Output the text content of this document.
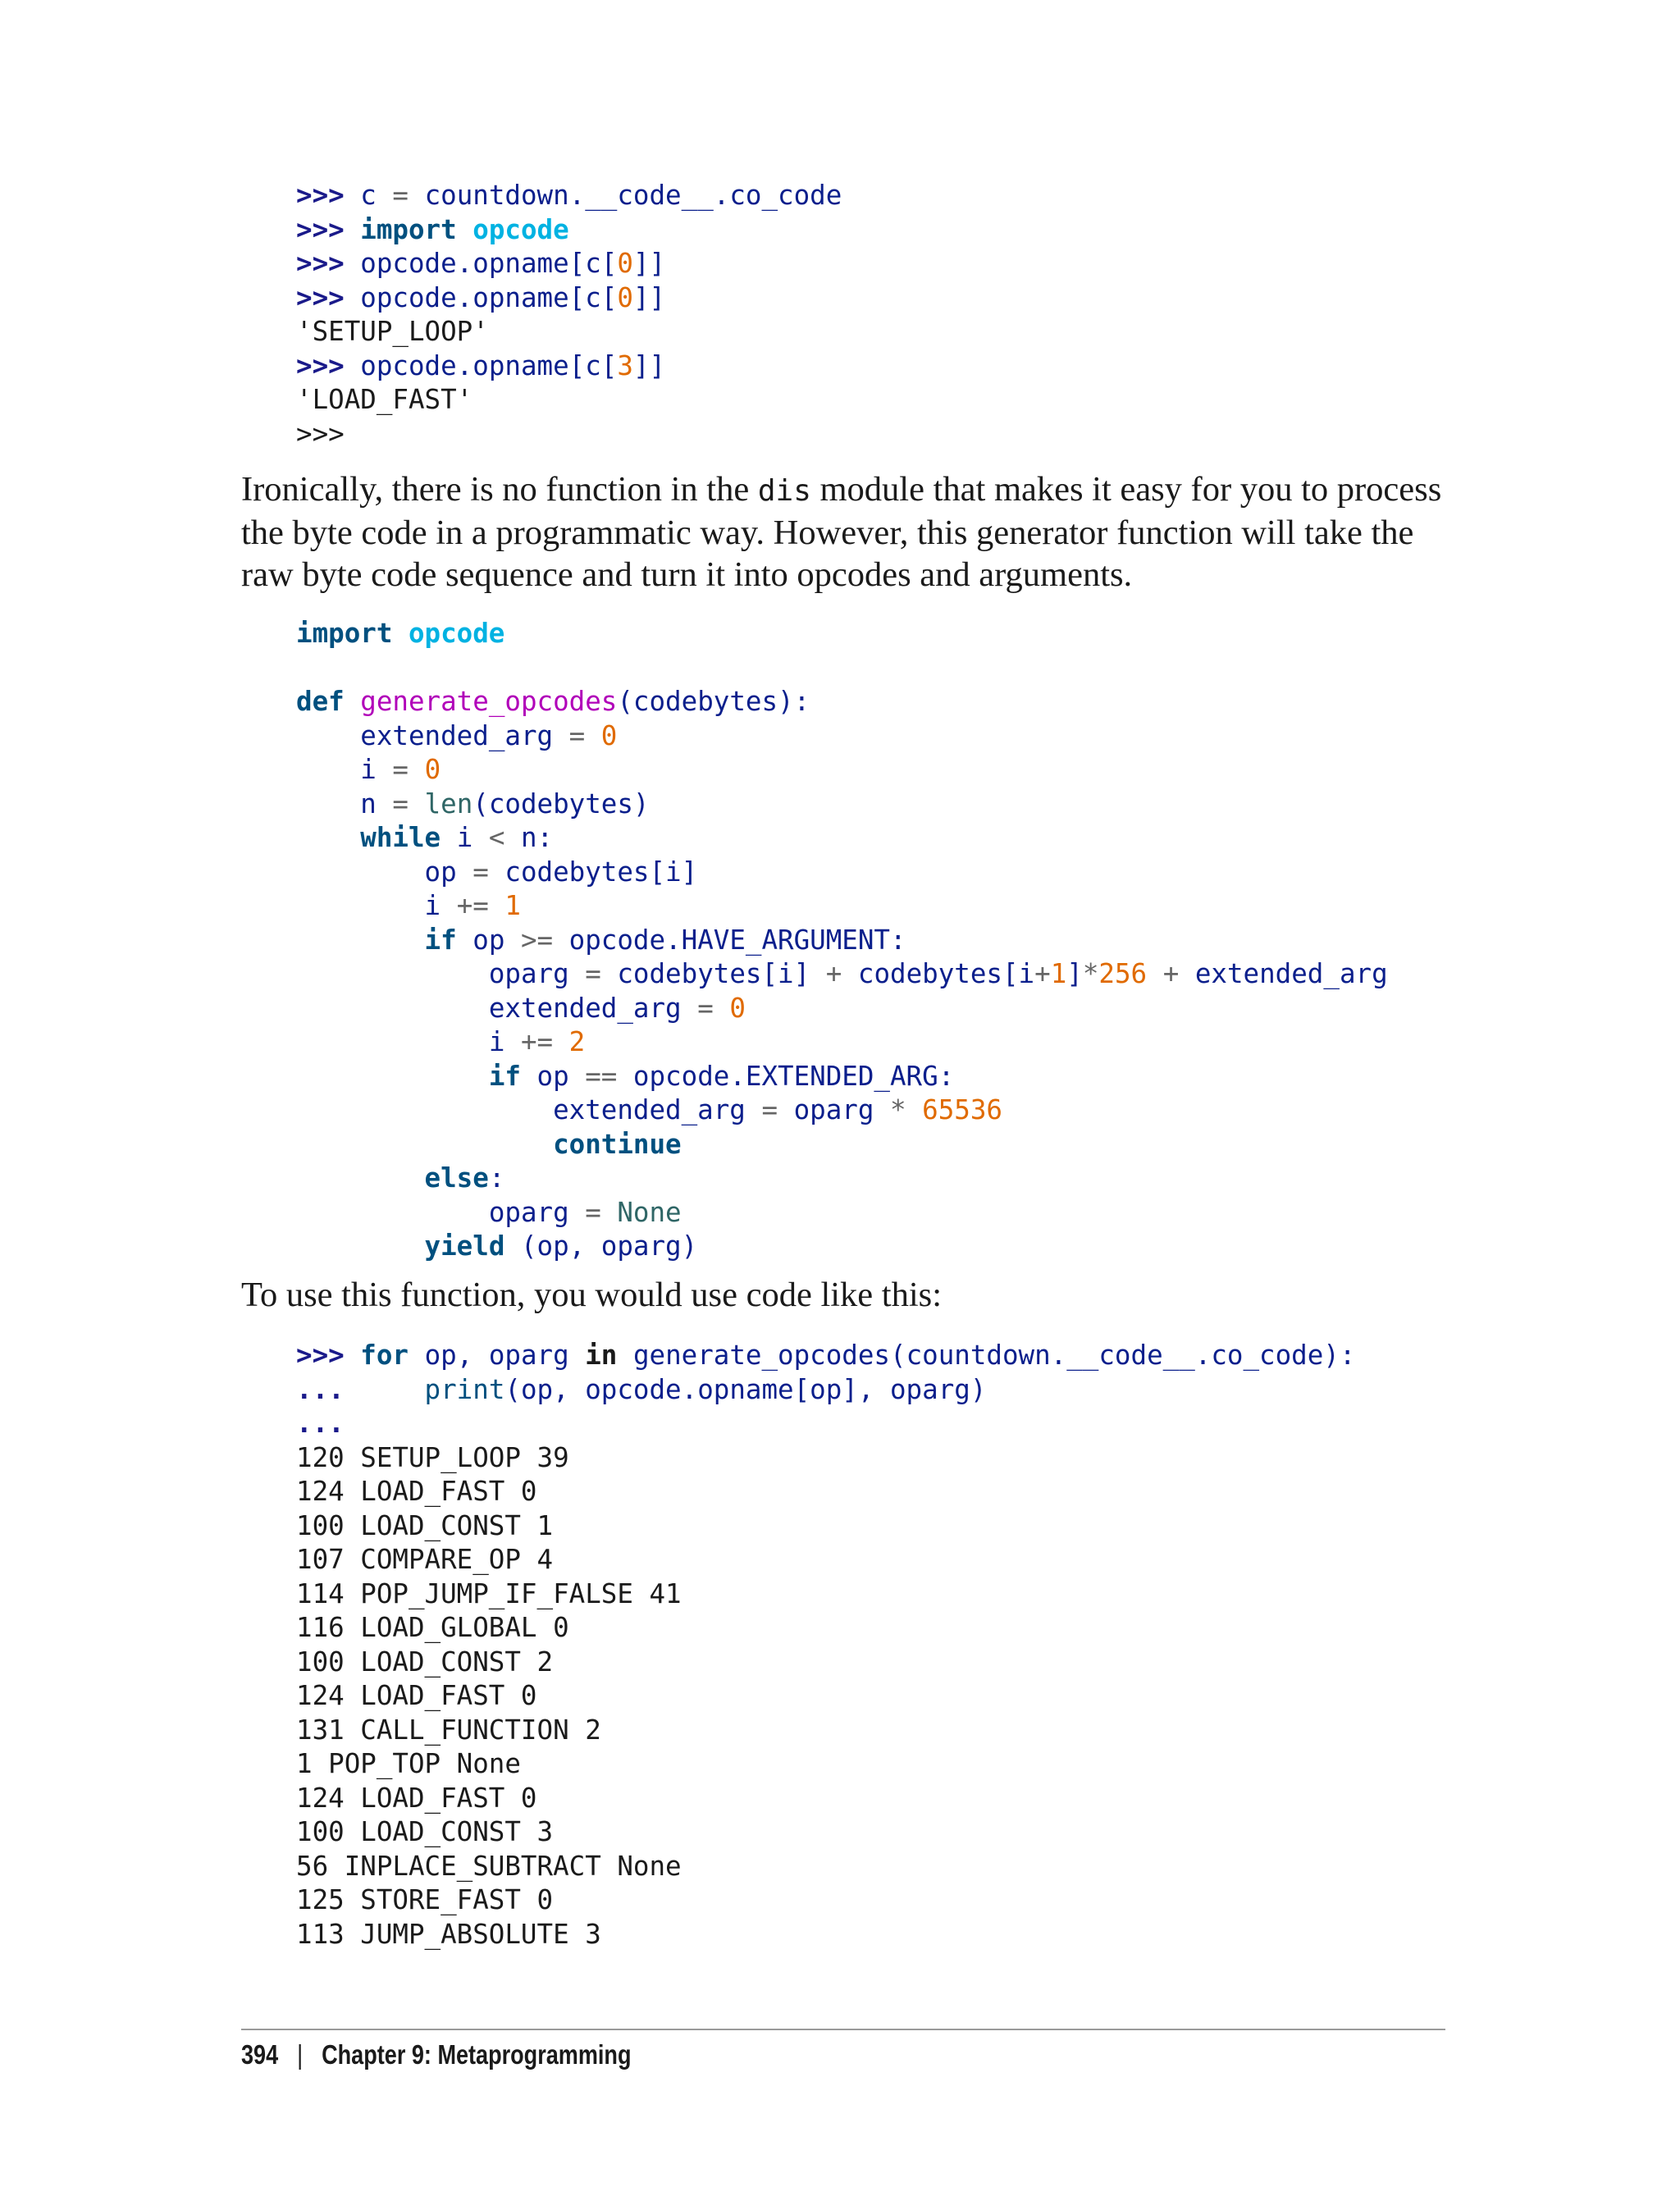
>>> c = countdown.__code__.co_code
>>> import opcode
>>> opcode.opname[c[0]]
>>> opcode.opname[c[0]]
'SETUP_LOOP'
>>> opcode.opname[c[3]]
'LOAD_FAST'
>>>

Ironically, there is no function in the dis module that makes it easy for you to process the byte code in a programmatic way. However, this generator function will take the raw byte code sequence and turn it into opcodes and arguments.

import opcode
def generate_opcodes(codebytes):
extended_arg = 0
i = 0
n = len(codebytes)
while i < n:
op = codebytes[i]
i += 1
if op >= opcode.HAVE_ARGUMENT:
oparg = codebytes[i] + codebytes[i+1]*256 + extended_arg
extended_arg = 0
i += 2
if op == opcode.EXTENDED_ARG:
extended_arg = oparg * 65536
continue
else:
oparg = None
yield (op, oparg)

To use this function, you would use code like this:

>>> for op, oparg in generate_opcodes(countdown.__code__.co_code):
...     print(op, opcode.opname[op], oparg)
...
120 SETUP_LOOP 39
124 LOAD_FAST 0
100 LOAD_CONST 1
107 COMPARE_OP 4
114 POP_JUMP_IF_FALSE 41
116 LOAD_GLOBAL 0
100 LOAD_CONST 2
124 LOAD_FAST 0
131 CALL_FUNCTION 2
1 POP_TOP None
124 LOAD_FAST 0
100 LOAD_CONST 3
56 INPLACE_SUBTRACT None
125 STORE_FAST 0
113 JUMP_ABSOLUTE 3
394 | Chapter 9: Metaprogramming
